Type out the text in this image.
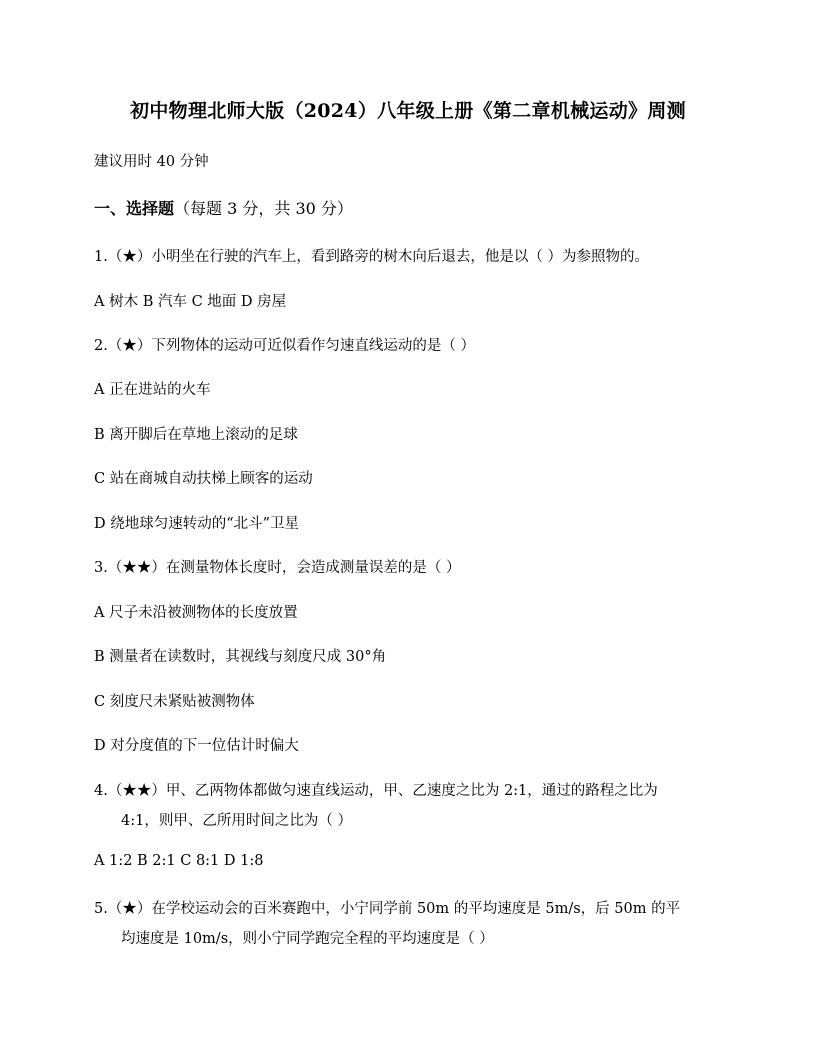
初中物理北师大版（2024）八年级上册《第二章机械运动》周测
建议用时 40 分钟
一、选择题（每题 3 分，共 30 分）
1.（★）小明坐在行驶的汽车上，看到路旁的树木向后退去，他是以（ ）为参照物的。
A 树木 B 汽车 C 地面 D 房屋
2.（★）下列物体的运动可近似看作匀速直线运动的是（ ）
A 正在进站的火车
B 离开脚后在草地上滚动的足球
C 站在商城自动扶梯上顾客的运动
D 绕地球匀速转动的“北斗”卫星
3.（★★）在测量物体长度时，会造成测量误差的是（ ）
A 尺子未沿被测物体的长度放置
B 测量者在读数时，其视线与刻度尺成 30°角
C 刻度尺未紧贴被测物体
D 对分度值的下一位估计时偏大
4.（★★）甲、乙两物体都做匀速直线运动，甲、乙速度之比为 2:1，通过的路程之比为
4:1，则甲、乙所用时间之比为（ ）
A 1:2 B 2:1 C 8:1 D 1:8
5.（★）在学校运动会的百米赛跑中，小宁同学前 50m 的平均速度是 5m/s，后 50m 的平
均速度是 10m/s，则小宁同学跑完全程的平均速度是（ ）
